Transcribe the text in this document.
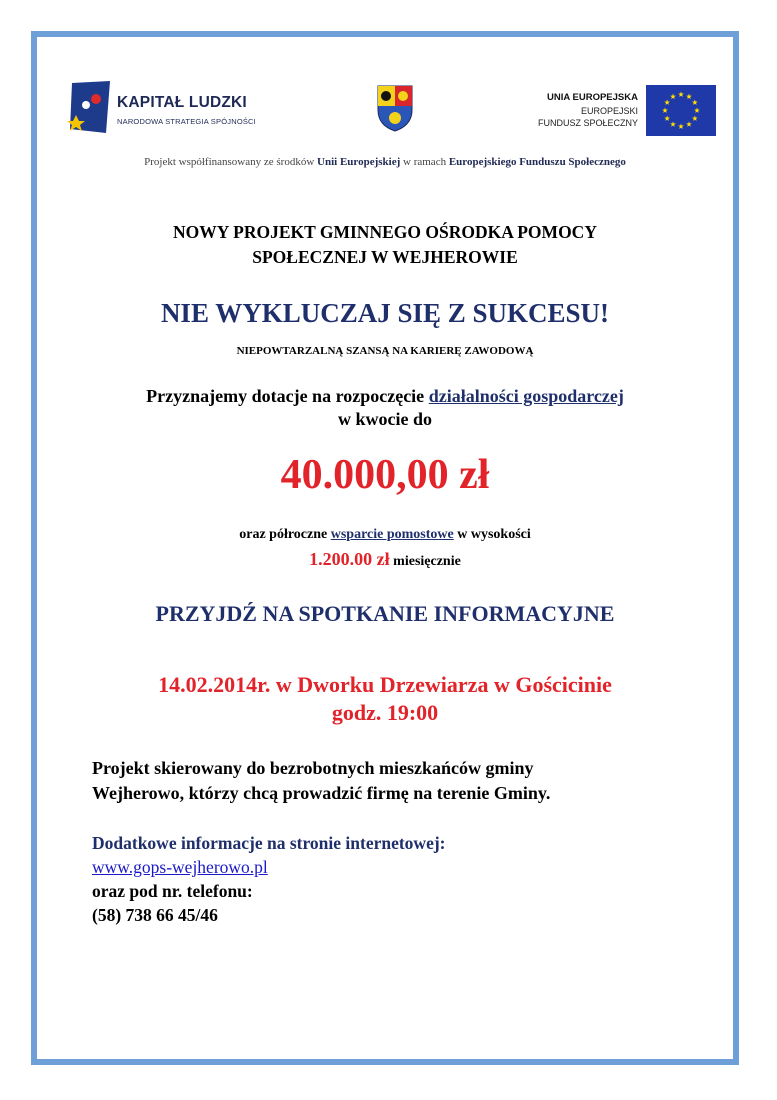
KAPITAŁ LUDZKI
NARODOWA STRATEGIA SPÓJNOŚCI
UNIA EUROPEJSKA
EUROPEJSKI
FUNDUSZ SPOŁECZNY
Projekt współfinansowany ze środków Unii Europejskiej w ramach Europejskiego Funduszu Społecznego
NOWY PROJEKT GMINNEGO OŚRODKA POMOCY
SPOŁECZNEJ W WEJHEROWIE
NIE WYKLUCZAJ SIĘ Z SUKCESU!
NIEPOWTARZALNĄ SZANSĄ NA KARIERĘ ZAWODOWĄ
Przyznajemy dotacje na rozpoczęcie działalności gospodarczej
w kwocie do
40.000,00 zł
oraz półroczne wsparcie pomostowe w wysokości
1.200.00 zł miesięcznie
PRZYJDŹ NA SPOTKANIE INFORMACYJNE
14.02.2014r. w Dworku Drzewiarza w Gościcinie
godz. 19:00
Projekt skierowany do bezrobotnych mieszkańców gminy
Wejherowo, którzy chcą prowadzić firmę na terenie Gminy.
Dodatkowe informacje na stronie internetowej:
www.gops-wejherowo.pl
oraz pod nr. telefonu:
(58) 738 66 45/46
